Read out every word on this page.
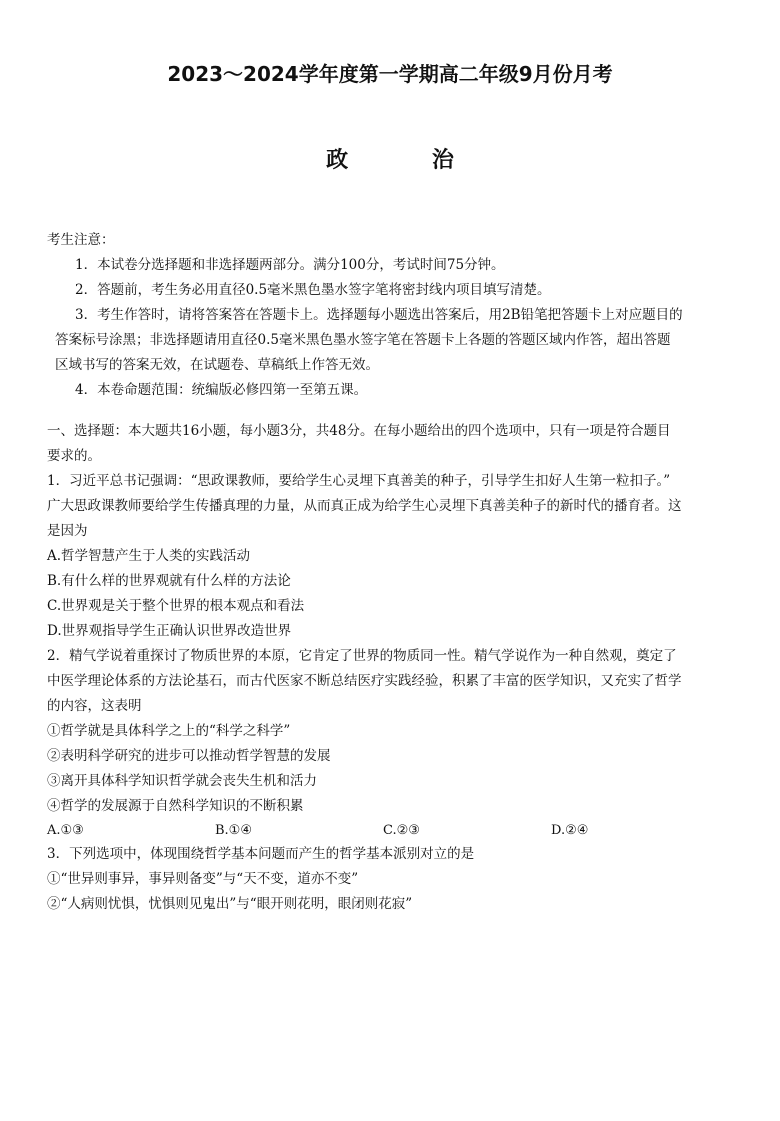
2023～2024学年度第一学期高二年级9月份月考
政	治
考生注意：
1．本试卷分选择题和非选择题两部分。满分100分，考试时间75分钟。
2．答题前，考生务必用直径0.5毫米黑色墨水签字笔将密封线内项目填写清楚。
3．考生作答时，请将答案答在答题卡上。选择题每小题选出答案后，用2B铅笔把答题卡上对应题目的
答案标号涂黑；非选择题请用直径0.5毫米黑色墨水签字笔在答题卡上各题的答题区域内作答，超出答题
区域书写的答案无效，在试题卷、草稿纸上作答无效。
4．本卷命题范围：统编版必修四第一至第五课。
一、选择题：本大题共16小题，每小题3分，共48分。在每小题给出的四个选项中，只有一项是符合题目
要求的。
1．习近平总书记强调：“思政课教师，要给学生心灵埋下真善美的种子，引导学生扣好人生第一粒扣子。”
广大思政课教师要给学生传播真理的力量，从而真正成为给学生心灵埋下真善美种子的新时代的播育者。这
是因为
A.哲学智慧产生于人类的实践活动
B.有什么样的世界观就有什么样的方法论
C.世界观是关于整个世界的根本观点和看法
D.世界观指导学生正确认识世界改造世界
2．精气学说着重探讨了物质世界的本原，它肯定了世界的物质同一性。精气学说作为一种自然观，奠定了
中医学理论体系的方法论基石，而古代医家不断总结医疗实践经验，积累了丰富的医学知识，又充实了哲学
的内容，这表明
①哲学就是具体科学之上的“科学之科学”
②表明科学研究的进步可以推动哲学智慧的发展
③离开具体科学知识哲学就会丧失生机和活力
④哲学的发展源于自然科学知识的不断积累
A.①③	B.①④	C.②③	D.②④
3．下列选项中，体现围绕哲学基本问题而产生的哲学基本派别对立的是
①“世异则事异，事异则备变”与“天不变，道亦不变”
②“人病则忧惧，忧惧则见鬼出”与“眼开则花明，眼闭则花寂”
